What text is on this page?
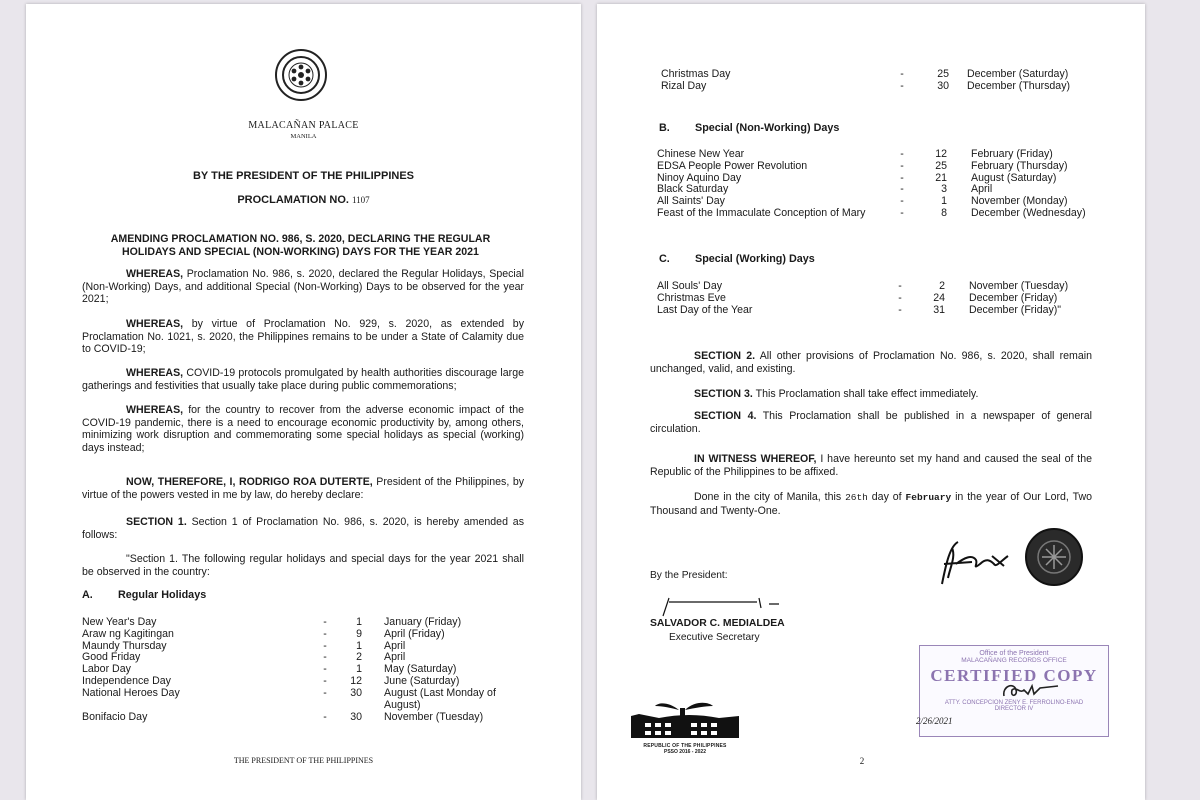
MALACAÑAN PALACE
MANILA
BY THE PRESIDENT OF THE PHILIPPINES
PROCLAMATION NO. 1107
AMENDING PROCLAMATION NO. 986, S. 2020, DECLARING THE REGULAR
HOLIDAYS AND SPECIAL (NON-WORKING) DAYS FOR THE YEAR 2021
WHEREAS, Proclamation No. 986, s. 2020, declared the Regular Holidays, Special (Non-Working) Days, and additional Special (Non-Working) Days to be observed for the year 2021;
WHEREAS, by virtue of Proclamation No. 929, s. 2020, as extended by Proclamation No. 1021, s. 2020, the Philippines remains to be under a State of Calamity due to COVID-19;
WHEREAS, COVID-19 protocols promulgated by health authorities discourage large gatherings and festivities that usually take place during public commemorations;
WHEREAS, for the country to recover from the adverse economic impact of the COVID-19 pandemic, there is a need to encourage economic productivity by, among others, minimizing work disruption and commemorating some special holidays as special (working) days instead;
NOW, THEREFORE, I, RODRIGO ROA DUTERTE, President of the Philippines, by virtue of the powers vested in me by law, do hereby declare:
SECTION 1. Section 1 of Proclamation No. 986, s. 2020, is hereby amended as follows:
"Section 1. The following regular holidays and special days for the year 2021 shall be observed in the country:
A. Regular Holidays
New Year's Day	-	1 January (Friday)
Araw ng Kagitingan	-	9 April (Friday)
Maundy Thursday	-	1 April
Good Friday	-	2 April
Labor Day	-	1 May (Saturday)
Independence Day	-	12 June (Saturday)
National Heroes Day	-	30 August (Last Monday of
August)
Bonifacio Day	-	30 November (Tuesday)
THE PRESIDENT OF THE PHILIPPINES
Christmas Day	-	25 December (Saturday)
Rizal Day	-	30 December (Thursday)
B. Special (Non-Working) Days
Chinese New Year	-	12 February (Friday)
EDSA People Power Revolution	-	25 February (Thursday)
Ninoy Aquino Day	-	21 August (Saturday)
Black Saturday	-	3 April
All Saints' Day	-	1 November (Monday)
Feast of the Immaculate Conception of Mary	-	8 December (Wednesday)
C. Special (Working) Days
All Souls' Day	-	2 November (Tuesday)
Christmas Eve	-	24 December (Friday)
Last Day of the Year	-	31 December (Friday)"
SECTION 2. All other provisions of Proclamation No. 986, s. 2020, shall remain unchanged, valid, and existing.
SECTION 3. This Proclamation shall take effect immediately.
SECTION 4. This Proclamation shall be published in a newspaper of general circulation.
IN WITNESS WHEREOF, I have hereunto set my hand and caused the seal of the Republic of the Philippines to be affixed.
Done in the city of Manila, this 26th day of February in the year of Our Lord, Two Thousand and Twenty-One.
By the President:
SALVADOR C. MEDIALDEA
Executive Secretary
REPUBLIC OF THE PHILIPPINES
PSSO 2016 - 2022
2
Office of the President
MALACAÑANG RECORDS OFFICE
CERTIFIED COPY
ATTY. CONCEPCION ZENY E. FERROLINO-ENAD
DIRECTOR IV
2/26/2021
